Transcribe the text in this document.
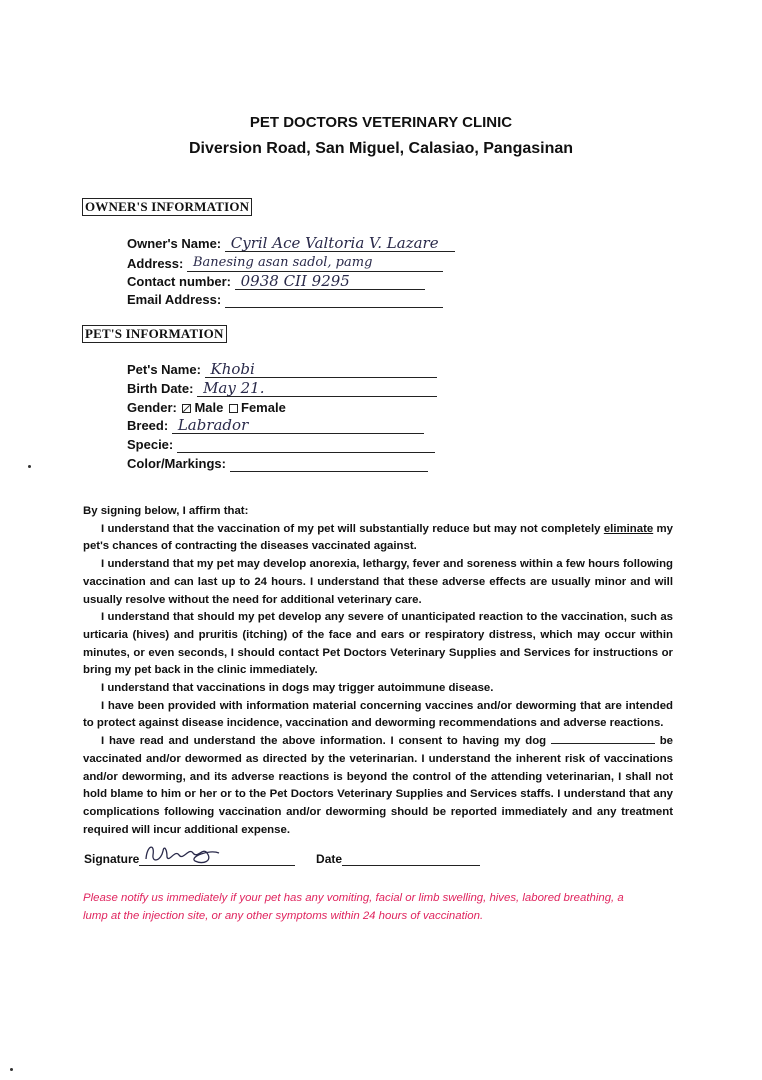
PET DOCTORS VETERINARY CLINIC
Diversion Road, San Miguel, Calasiao, Pangasinan
OWNER'S INFORMATION
Owner's Name: Cyril Ace Valtoria V. Lazare
Address: Banesing asan sadol, pamg
Contact number: 0938 CII 9295
Email Address:
PET'S INFORMATION
Pet's Name: Khobi
Birth Date: May 21.
Gender: Male Female
Breed: Labrador
Specie:
Color/Markings:

By signing below, I affirm that:

I understand that the vaccination of my pet will substantially reduce but may not completely eliminate my pet's chances of contracting the diseases vaccinated against.

I understand that my pet may develop anorexia, lethargy, fever and soreness within a few hours following vaccination and can last up to 24 hours. I understand that these adverse effects are usually minor and will usually resolve without the need for additional veterinary care.

I understand that should my pet develop any severe of unanticipated reaction to the vaccination, such as urticaria (hives) and pruritis (itching) of the face and ears or respiratory distress, which may occur within minutes, or even seconds, I should contact Pet Doctors Veterinary Supplies and Services for instructions or bring my pet back in the clinic immediately.

I understand that vaccinations in dogs may trigger autoimmune disease.

I have been provided with information material concerning vaccines and/or deworming that are intended to protect against disease incidence, vaccination and deworming recommendations and adverse reactions.

I have read and understand the above information. I consent to having my dog	be vaccinated and/or dewormed as directed by the veterinarian. I understand the inherent risk of vaccinations and/or deworming, and its adverse reactions is beyond the control of the attending veterinarian, I shall not hold blame to him or her or to the Pet Doctors Veterinary Supplies and Services staffs. I understand that any complications following vaccination and/or deworming should be reported immediately and any treatment required will incur additional expense.

Signature	Date
Please notify us immediately if your pet has any vomiting, facial or limb swelling, hives, labored breathing, a lump at the injection site, or any other symptoms within 24 hours of vaccination.
